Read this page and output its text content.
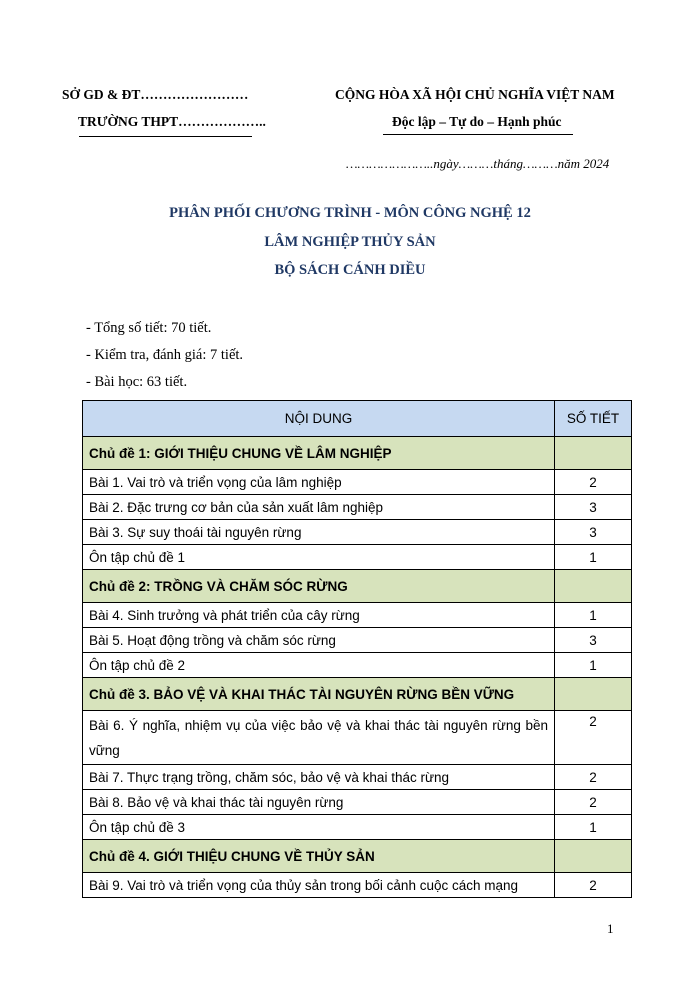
SỞ GD & ĐT……………………
TRƯỜNG THPT………………..
CỘNG HÒA XÃ HỘI CHỦ NGHĨA VIỆT NAM
Độc lập – Tự do – Hạnh phúc
…………………..ngày………tháng………năm 2024
PHÂN PHỐI CHƯƠNG TRÌNH - MÔN CÔNG NGHỆ 12
LÂM NGHIỆP THỦY SẢN
BỘ SÁCH CÁNH DIỀU
- Tổng số tiết: 70 tiết.
- Kiểm tra, đánh giá: 7 tiết.
- Bài học: 63 tiết.
NỘI DUNG	SỐ TIẾT
Chủ đề 1: GIỚI THIỆU CHUNG VỀ LÂM NGHIỆP	
Bài 1. Vai trò và triển vọng của lâm nghiệp	2
Bài 2. Đặc trưng cơ bản của sản xuất lâm nghiệp	3
Bài 3. Sự suy thoái tài nguyên rừng	3
Ôn tập chủ đề 1	1
Chủ đề 2: TRỒNG VÀ CHĂM SÓC RỪNG	
Bài 4. Sinh trưởng và phát triển của cây rừng	1
Bài 5. Hoạt động trồng và chăm sóc rừng	3
Ôn tập chủ đề 2	1
Chủ đề 3. BẢO VỆ VÀ KHAI THÁC TÀI NGUYÊN RỪNG BỀN VỮNG	
Bài 6. Ý nghĩa, nhiệm vụ của việc bảo vệ và khai thác tài nguyên rừng bền vững	2
Bài 7. Thực trạng trồng, chăm sóc, bảo vệ và khai thác rừng	2
Bài 8. Bảo vệ và khai thác tài nguyên rừng	2
Ôn tập chủ đề 3	1
Chủ đề 4. GIỚI THIỆU CHUNG VỀ THỦY SẢN	
Bài 9. Vai trò và triển vọng của thủy sản trong bối cảnh cuộc cách mạng	2
1
